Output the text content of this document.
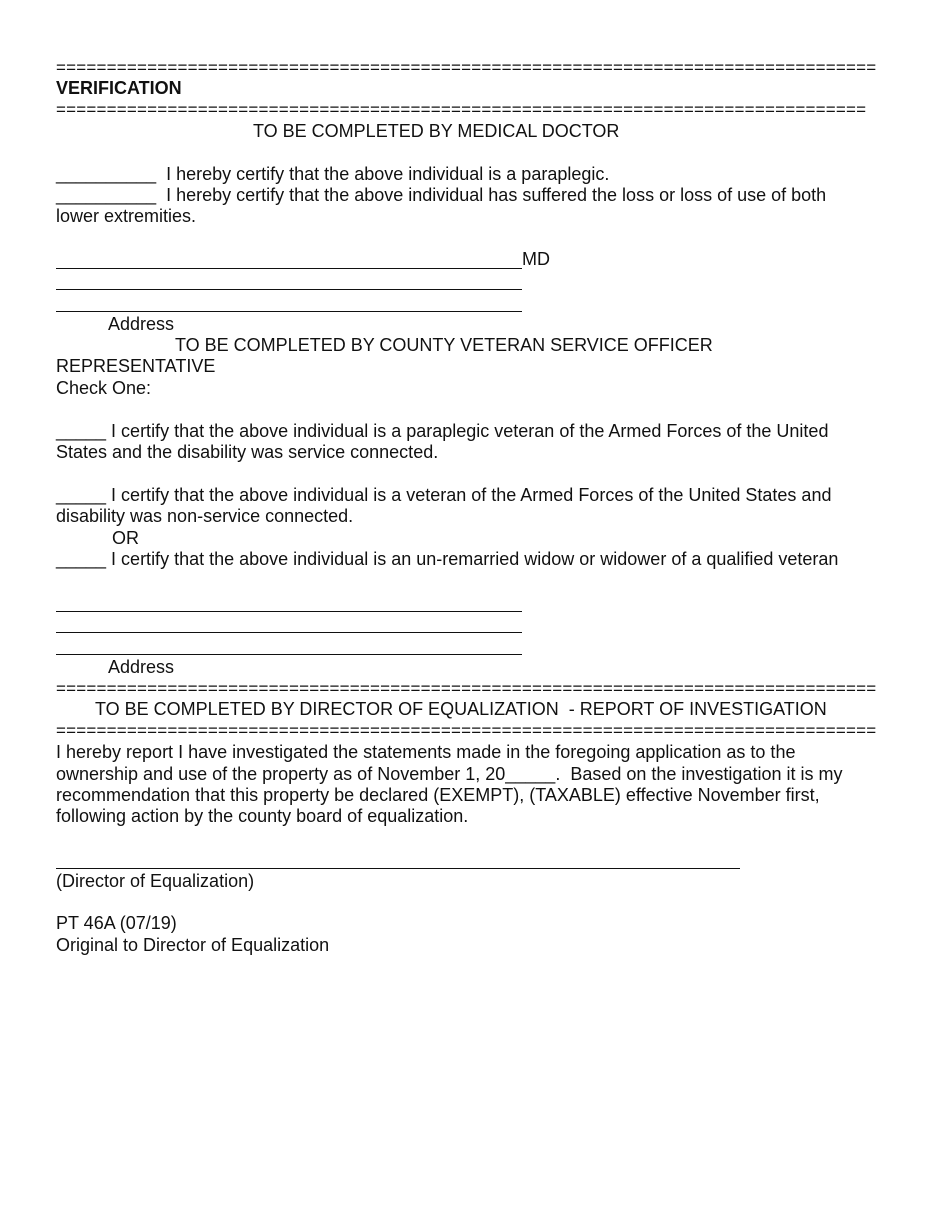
=================================================================================
VERIFICATION
================================================================================
TO BE COMPLETED BY MEDICAL DOCTOR
__________  I hereby certify that the above individual is a paraplegic.
__________  I hereby certify that the above individual has suffered the loss or loss of use of both
lower extremities.
MD
Address
TO BE COMPLETED BY COUNTY VETERAN SERVICE OFFICER
REPRESENTATIVE
Check One:
_____ I certify that the above individual is a paraplegic veteran of the Armed Forces of the United
States and the disability was service connected.
_____ I certify that the above individual is a veteran of the Armed Forces of the United States and
disability was non-service connected.
OR
_____ I certify that the above individual is an un-remarried widow or widower of a qualified veteran
Address
=================================================================================
TO BE COMPLETED BY DIRECTOR OF EQUALIZATION  - REPORT OF INVESTIGATION
=================================================================================
I hereby report I have investigated the statements made in the foregoing application as to the
ownership and use of the property as of November 1, 20_____.  Based on the investigation it is my
recommendation that this property be declared (EXEMPT), (TAXABLE) effective November first,
following action by the county board of equalization.
(Director of Equalization)
PT 46A (07/19)
Original to Director of Equalization
